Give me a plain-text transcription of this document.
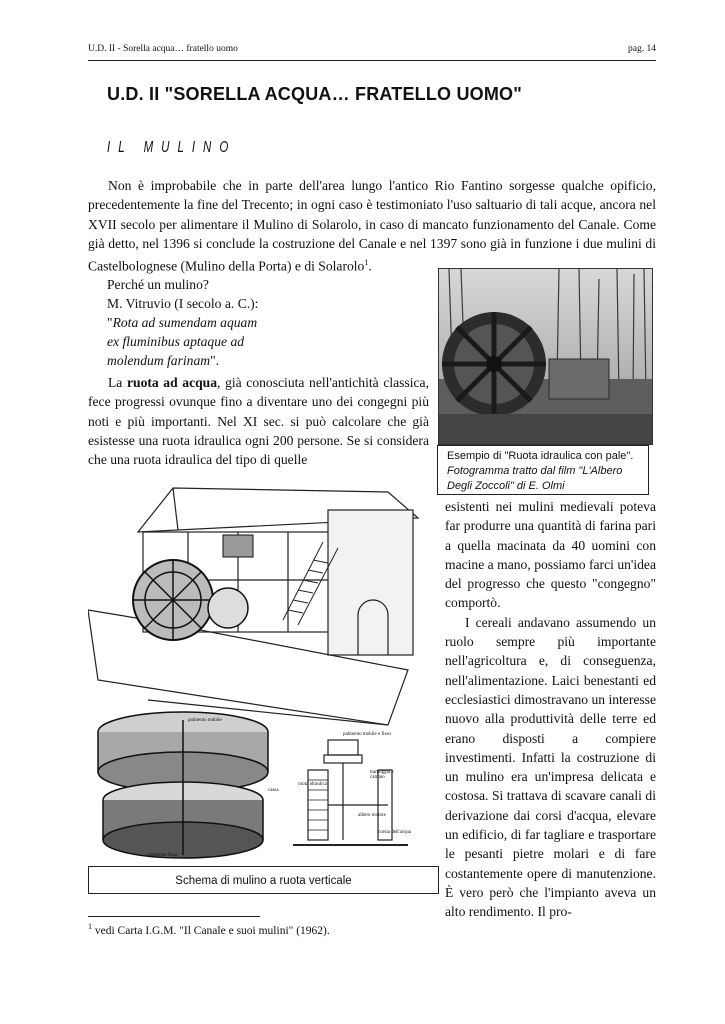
U.D. II - Sorella acqua… fratello uomo	pag. 14
U.D. II "SORELLA ACQUA… FRATELLO UOMO"
IL MULINO
Non è improbabile che in parte dell'area lungo l'antico Rio Fantino sorgesse qualche opificio, precedentemente la fine del Trecento; in ogni caso è testimoniato l'uso saltuario di tali acque, ancora nel XVII secolo per alimentare il Mulino di Solarolo, in caso di mancato funzionamento del Canale. Come già detto, nel 1396 si conclude la costruzione del Canale e nel 1397 sono già in funzione i due mulini di Castelbolognese (Mulino della Porta) e di Solarolo$^1$.
Perché un mulino?
M. Vitruvio (I secolo a. C.):
"Rota ad sumendam aquam
ex fluminibus aptaque ad
molendum farinam".
La ruota ad acqua, già conosciuta nell'antichità classica, fece progressi ovunque fino a diventare uno dei congegni più noti e più importanti. Nel XI sec. si può calcolare che già esistesse una ruota idraulica ogni 200 persone. Se si considera che una ruota idraulica del tipo di quelle	Esempio di "Ruota idraulica con pale". Fotogramma tratto dal film "L'Albero Degli Zoccoli" di E. Olmi
esistenti nei mulini medievali poteva far produrre una quantità di farina pari a quella macinata da 40 uomini con macine a mano, possiamo farci un'idea del progresso che questo "congegno" comportò.
I cereali andavano assumendo un ruolo sempre più importante nell'agricoltura e, di conseguenza, nell'alimentazione. Laici benestanti ed ecclesiastici dimostravano un interesse nuovo alla produttività delle terre ed erano disposti a compiere investimenti. Infatti la costruzione di un mulino era un'impresa delicata e costosa. Si trattava di scavare canali di derivazione dai corsi d'acqua, elevare un edificio, di far tagliare e trasportare le pesanti pietre molari e di fare costantemente opere di manutenzione. È vero però che l'impianto aveva un alto rendimento. Il pro-
palmento mobile
palmento mobile e fisso
ruota idraulica
tramoggia e camino
albero motore
corsia dell'acqua
palmento fisso
cassa
Schema di mulino a ruota verticale
$^1$ vedi Carta I.G.M. "Il Canale e suoi mulini" (1962).
